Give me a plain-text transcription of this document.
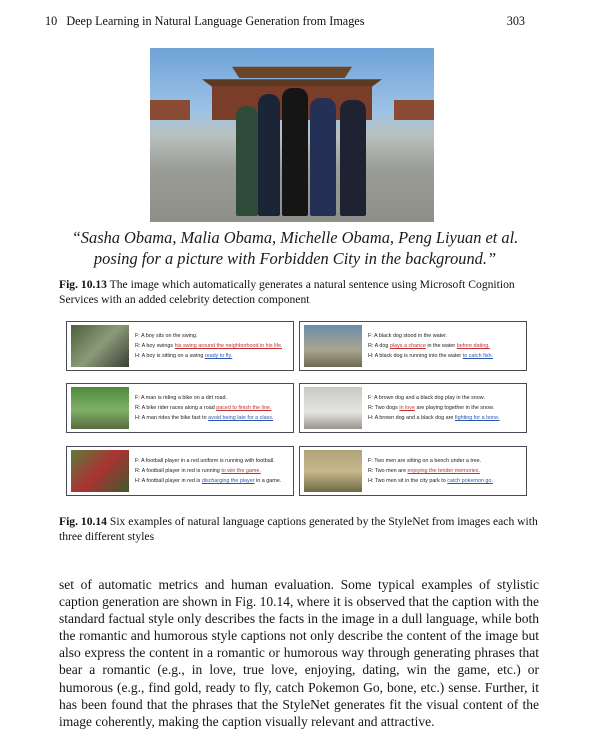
10   Deep Learning in Natural Language Generation from Images	303
“Sasha Obama, Malia Obama, Michelle Obama, Peng Liyuan et al. posing for a picture with Forbidden City in the background.”
Fig. 10.13 The image which automatically generates a natural sentence using Microsoft Cognition Services with an added celebrity detection component
F: A boy sits on the swing.
R: A boy swings his swing around the neighborhood in his life.
H: A boy is sitting on a swing ready to fly.
F: A black dog stood in the water.
R: A dog plays a chance in the water before dating.
H: A black dog is running into the water to catch fish.
F: A man is riding a bike on a dirt road.
R: A bike rider races along a road paced to finish the line.
H: A man rides the bike fast to avoid being late for a class.
F: A brown dog and a black dog play in the snow.
R: Two dogs in love are playing together in the snow.
H: A brown dog and a black dog are fighting for a bone.
F: A football player in a red uniform is running with football.
R: A football player in red is running to win the game.
H: A football player in red is discharging the player in a game.
F: Two men are sitting on a bench under a tree.
R: Two men are enjoying the tender memories.
H: Two men sit in the city park to catch pokemon go.
Fig. 10.14 Six examples of natural language captions generated by the StyleNet from images each with three different styles
set of automatic metrics and human evaluation. Some typical examples of stylistic caption generation are shown in Fig. 10.14, where it is observed that the caption with the standard factual style only describes the facts in the image in a dull language, while both the romantic and humorous style captions not only describe the content of the image but also express the content in a romantic or humorous way through generating phrases that bear a romantic (e.g., in love, true love, enjoying, dating, win the game, etc.) or humorous (e.g., find gold, ready to fly, catch Pokemon Go, bone, etc.) sense. Further, it has been found that the phrases that the StyleNet generates fit the visual content of the image coherently, making the caption visually relevant and attractive.
